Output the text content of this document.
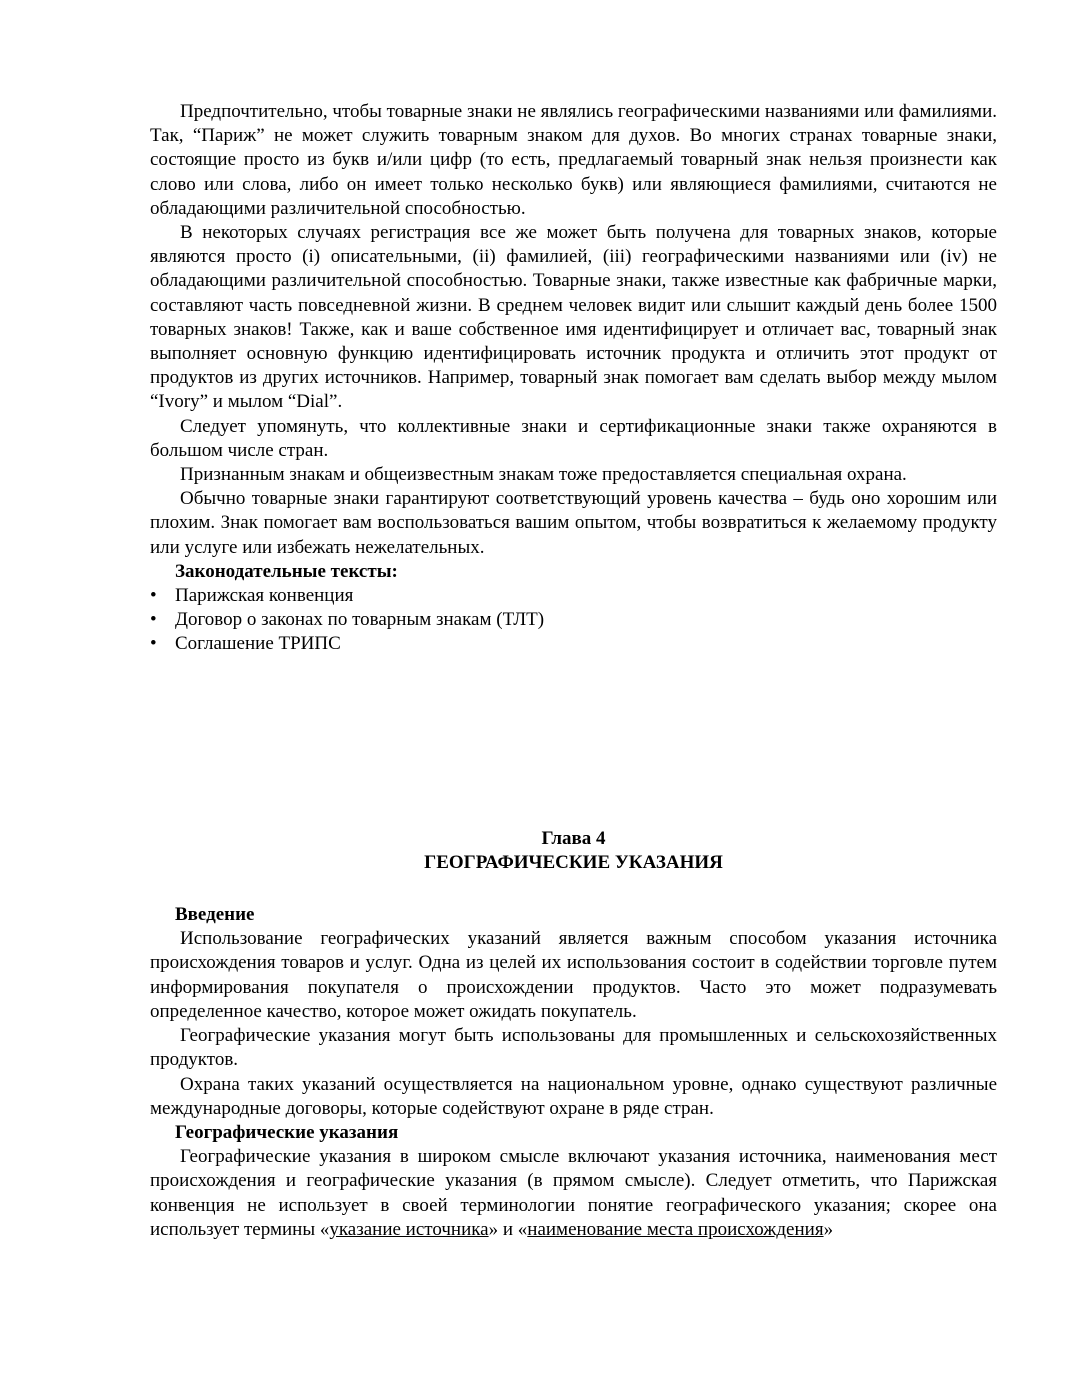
Предпочтительно, чтобы товарные знаки не являлись географическими названиями или фамилиями. Так, “Париж” не может служить товарным знаком для духов. Во многих странах товарные знаки, состоящие просто из букв и/или цифр (то есть, предлагаемый товарный знак нельзя произнести как слово или слова, либо он имеет только несколько букв) или являющиеся фамилиями, считаются не обладающими различительной способностью.

В некоторых случаях регистрация все же может быть получена для товарных знаков, которые являются просто (i) описательными, (ii) фамилией, (iii) географическими названиями или (iv) не обладающими различительной способностью. Товарные знаки, также известные как фабричные марки, составляют часть повседневной жизни. В среднем человек видит или слышит каждый день более 1500 товарных знаков! Также, как и ваше собственное имя идентифицирует и отличает вас, товарный знак выполняет основную функцию идентифицировать источник продукта и отличить этот продукт от продуктов из других источников. Например, товарный знак помогает вам сделать выбор между мылом “Ivory” и мылом “Dial”.

Следует упомянуть, что коллективные знаки и сертификационные знаки также охраняются в большом числе стран.

Признанным знакам и общеизвестным знакам тоже предоставляется специальная охрана.

Обычно товарные знаки гарантируют соответствующий уровень качества – будь оно хорошим или плохим. Знак помогает вам воспользоваться вашим опытом, чтобы возвратиться к желаемому продукту или услуге или избежать нежелательных.

Законодательные тексты:
• Парижская конвенция
• Договор о законах по товарным знакам (ТЛТ)
• Соглашение ТРИПС
Глава 4
ГЕОГРАФИЧЕСКИЕ УКАЗАНИЯ
Введение

Использование географических указаний является важным способом указания источника происхождения товаров и услуг. Одна из целей их использования состоит в содействии торговле путем информирования покупателя о происхождении продуктов. Часто это может подразумевать определенное качество, которое может ожидать покупатель.

Географические указания могут быть использованы для промышленных и сельскохозяйственных продуктов.

Охрана таких указаний осуществляется на национальном уровне, однако существуют различные международные договоры, которые содействуют охране в ряде стран.

Географические указания

Географические указания в широком смысле включают указания источника, наименования мест происхождения и географические указания (в прямом смысле). Следует отметить, что Парижская конвенция не использует в своей терминологии понятие географического указания; скорее она использует термины «указание источника» и «наименование места происхождения»
